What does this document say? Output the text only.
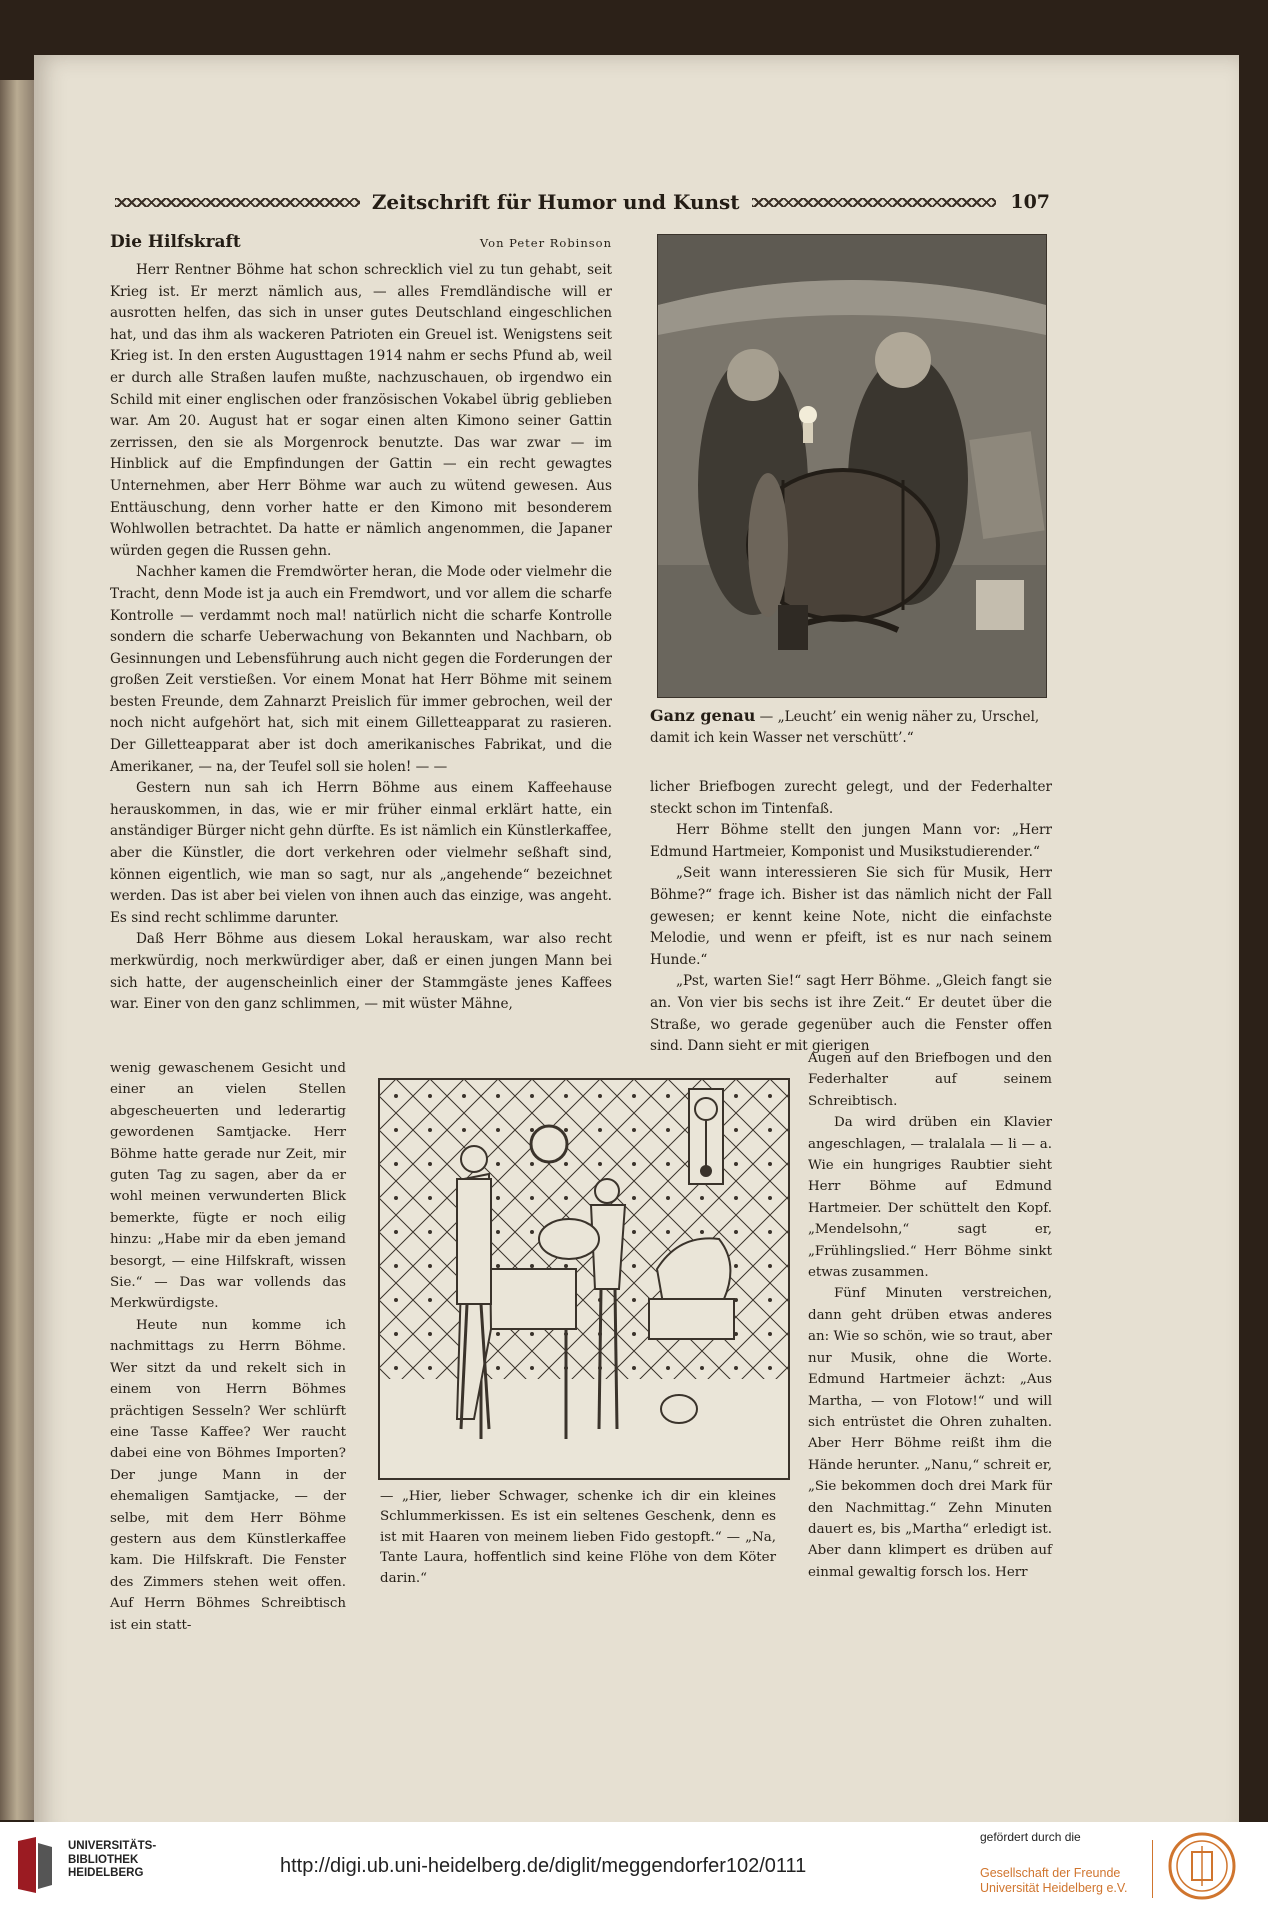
Zeitschrift für Humor und Kunst	107
Die Hilfskraft	Von Peter Robinson

Herr Rentner Böhme hat schon schrecklich viel zu tun gehabt, seit Krieg ist. Er merzt nämlich aus, — alles Fremdländische will er ausrotten helfen, das sich in unser gutes Deutschland eingeschlichen hat, und das ihm als wackeren Patrioten ein Greuel ist. Wenigstens seit Krieg ist. In den ersten Augusttagen 1914 nahm er sechs Pfund ab, weil er durch alle Straßen laufen mußte, nachzuschauen, ob irgendwo ein Schild mit einer englischen oder französischen Vokabel übrig geblieben war. Am 20. August hat er sogar einen alten Kimono seiner Gattin zerrissen, den sie als Morgenrock benutzte. Das war zwar — im Hinblick auf die Empfindungen der Gattin — ein recht gewagtes Unternehmen, aber Herr Böhme war auch zu wütend gewesen. Aus Enttäuschung, denn vorher hatte er den Kimono mit besonderem Wohlwollen betrachtet. Da hatte er nämlich angenommen, die Japaner würden gegen die Russen gehn.

Nachher kamen die Fremdwörter heran, die Mode oder vielmehr die Tracht, denn Mode ist ja auch ein Fremdwort, und vor allem die scharfe Kontrolle — verdammt noch mal! natürlich nicht die scharfe Kontrolle sondern die scharfe Ueberwachung von Bekannten und Nachbarn, ob Gesinnungen und Lebensführung auch nicht gegen die Forderungen der großen Zeit verstießen. Vor einem Monat hat Herr Böhme mit seinem besten Freunde, dem Zahnarzt Preislich für immer gebrochen, weil der noch nicht aufgehört hat, sich mit einem Gilletteapparat zu rasieren. Der Gilletteapparat aber ist doch amerikanisches Fabrikat, und die Amerikaner, — na, der Teufel soll sie holen! — —

Gestern nun sah ich Herrn Böhme aus einem Kaffeehause herauskommen, in das, wie er mir früher einmal erklärt hatte, ein anständiger Bürger nicht gehn dürfte. Es ist nämlich ein Künstlerkaffee, aber die Künstler, die dort verkehren oder vielmehr seßhaft sind, können eigentlich, wie man so sagt, nur als „angehende“ bezeichnet werden. Das ist aber bei vielen von ihnen auch das einzige, was angeht. Es sind recht schlimme darunter.

Daß Herr Böhme aus diesem Lokal herauskam, war also recht merkwürdig, noch merkwürdiger aber, daß er einen jungen Mann bei sich hatte, der augenscheinlich einer der Stammgäste jenes Kaffees war. Einer von den ganz schlimmen, — mit wüster Mähne,

wenig gewaschenem Gesicht und einer an vielen Stellen abgescheuerten und lederartig gewordenen Samtjacke. Herr Böhme hatte gerade nur Zeit, mir guten Tag zu sagen, aber da er wohl meinen verwunderten Blick bemerkte, fügte er noch eilig hinzu: „Habe mir da eben jemand besorgt, — eine Hilfskraft, wissen Sie.“ — Das war vollends das Merkwürdigste.

Heute nun komme ich nachmittags zu Herrn Böhme. Wer sitzt da und rekelt sich in einem von Herrn Böhmes prächtigen Sesseln? Wer schlürft eine Tasse Kaffee? Wer raucht dabei eine von Böhmes Importen? Der junge Mann in der ehemaligen Samtjacke, — der selbe, mit dem Herr Böhme gestern aus dem Künstlerkaffee kam. Die Hilfskraft. Die Fenster des Zimmers stehen weit offen. Auf Herrn Böhmes Schreibtisch ist ein statt-

Ganz genau — „Leucht’ ein wenig näher zu, Urschel, damit ich kein Wasser net verschütt’.“

licher Briefbogen zurecht gelegt, und der Federhalter steckt schon im Tintenfaß.

Herr Böhme stellt den jungen Mann vor: „Herr Edmund Hartmeier, Komponist und Musikstudierender.“

„Seit wann interessieren Sie sich für Musik, Herr Böhme?“ frage ich. Bisher ist das nämlich nicht der Fall gewesen; er kennt keine Note, nicht die einfachste Melodie, und wenn er pfeift, ist es nur nach seinem Hunde.“

„Pst, warten Sie!“ sagt Herr Böhme. „Gleich fangt sie an. Von vier bis sechs ist ihre Zeit.“ Er deutet über die Straße, wo gerade gegenüber auch die Fenster offen sind. Dann sieht er mit gierigen

Augen auf den Briefbogen und den Federhalter auf seinem Schreibtisch.

Da wird drüben ein Klavier angeschlagen, — tralalala — li — a. Wie ein hungriges Raubtier sieht Herr Böhme auf Edmund Hartmeier. Der schüttelt den Kopf. „Mendelsohn,“ sagt er, „Frühlingslied.“ Herr Böhme sinkt etwas zusammen.

Fünf Minuten verstreichen, dann geht drüben etwas anderes an: Wie so schön, wie so traut, aber nur Musik, ohne die Worte. Edmund Hartmeier ächzt: „Aus Martha, — von Flotow!“ und will sich entrüstet die Ohren zuhalten. Aber Herr Böhme reißt ihm die Hände herunter. „Nanu,“ schreit er, „Sie bekommen doch drei Mark für den Nachmittag.“ Zehn Minuten dauert es, bis „Martha“ erledigt ist. Aber dann klimpert es drüben auf einmal gewaltig forsch los. Herr

— „Hier, lieber Schwager, schenke ich dir ein kleines Schlummerkissen. Es ist ein seltenes Geschenk, denn es ist mit Haaren von meinem lieben Fido gestopft.“ — „Na, Tante Laura, hoffentlich sind keine Flöhe von dem Köter darin.“
UNIVERSITÄTS-
BIBLIOTHEK
HEIDELBERG	http://digi.ub.uni-heidelberg.de/diglit/meggendorfer102/0111
gefördert durch die
Gesellschaft der Freunde
Universität Heidelberg e.V.
